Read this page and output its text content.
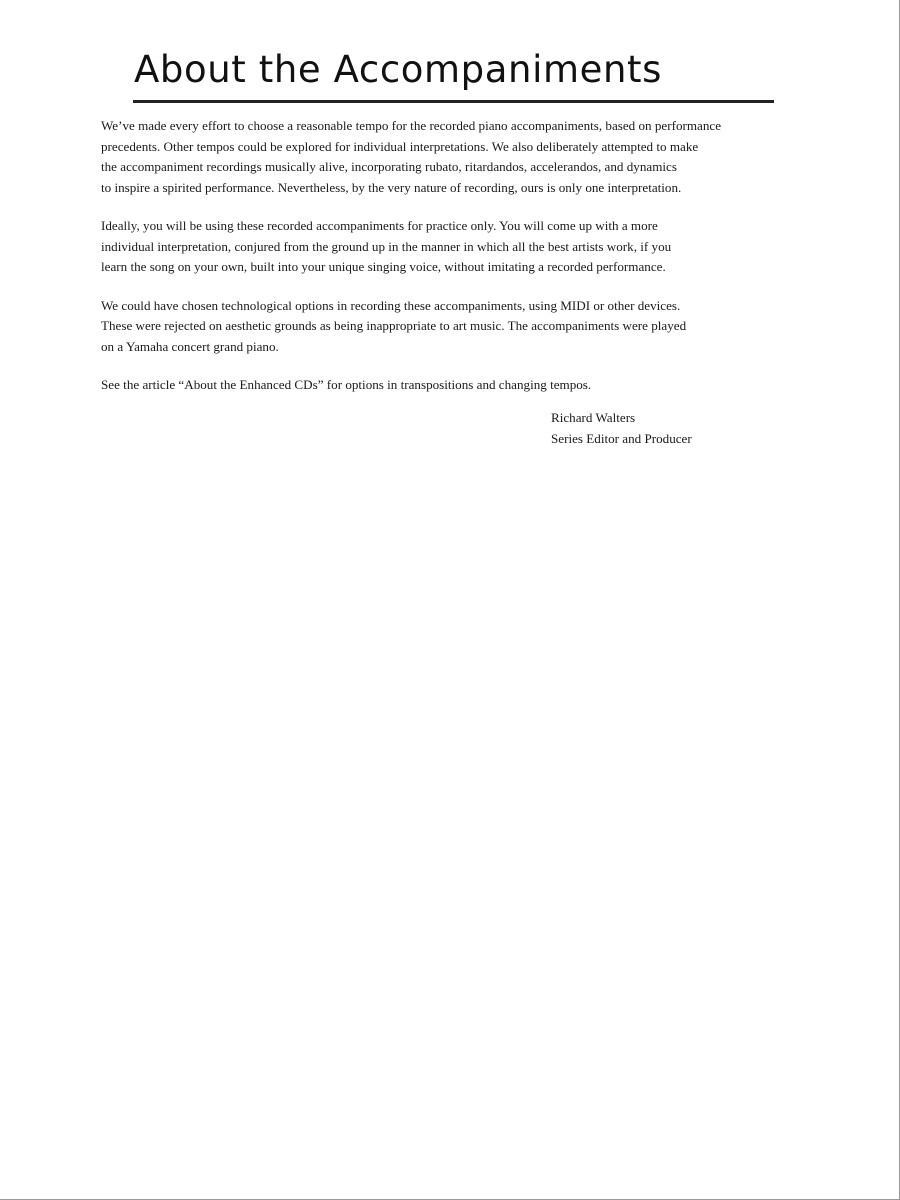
About the Accompaniments

We’ve made every effort to choose a reasonable tempo for the recorded piano accompaniments, based on performance
precedents. Other tempos could be explored for individual interpretations. We also deliberately attempted to make
the accompaniment recordings musically alive, incorporating rubato, ritardandos, accelerandos, and dynamics
to inspire a spirited performance. Nevertheless, by the very nature of recording, ours is only one interpretation.

Ideally, you will be using these recorded accompaniments for practice only. You will come up with a more
individual interpretation, conjured from the ground up in the manner in which all the best artists work, if you
learn the song on your own, built into your unique singing voice, without imitating a recorded performance.

We could have chosen technological options in recording these accompaniments, using MIDI or other devices.
These were rejected on aesthetic grounds as being inappropriate to art music. The accompaniments were played
on a Yamaha concert grand piano.

See the article “About the Enhanced CDs” for options in transpositions and changing tempos.

Richard Walters
Series Editor and Producer
